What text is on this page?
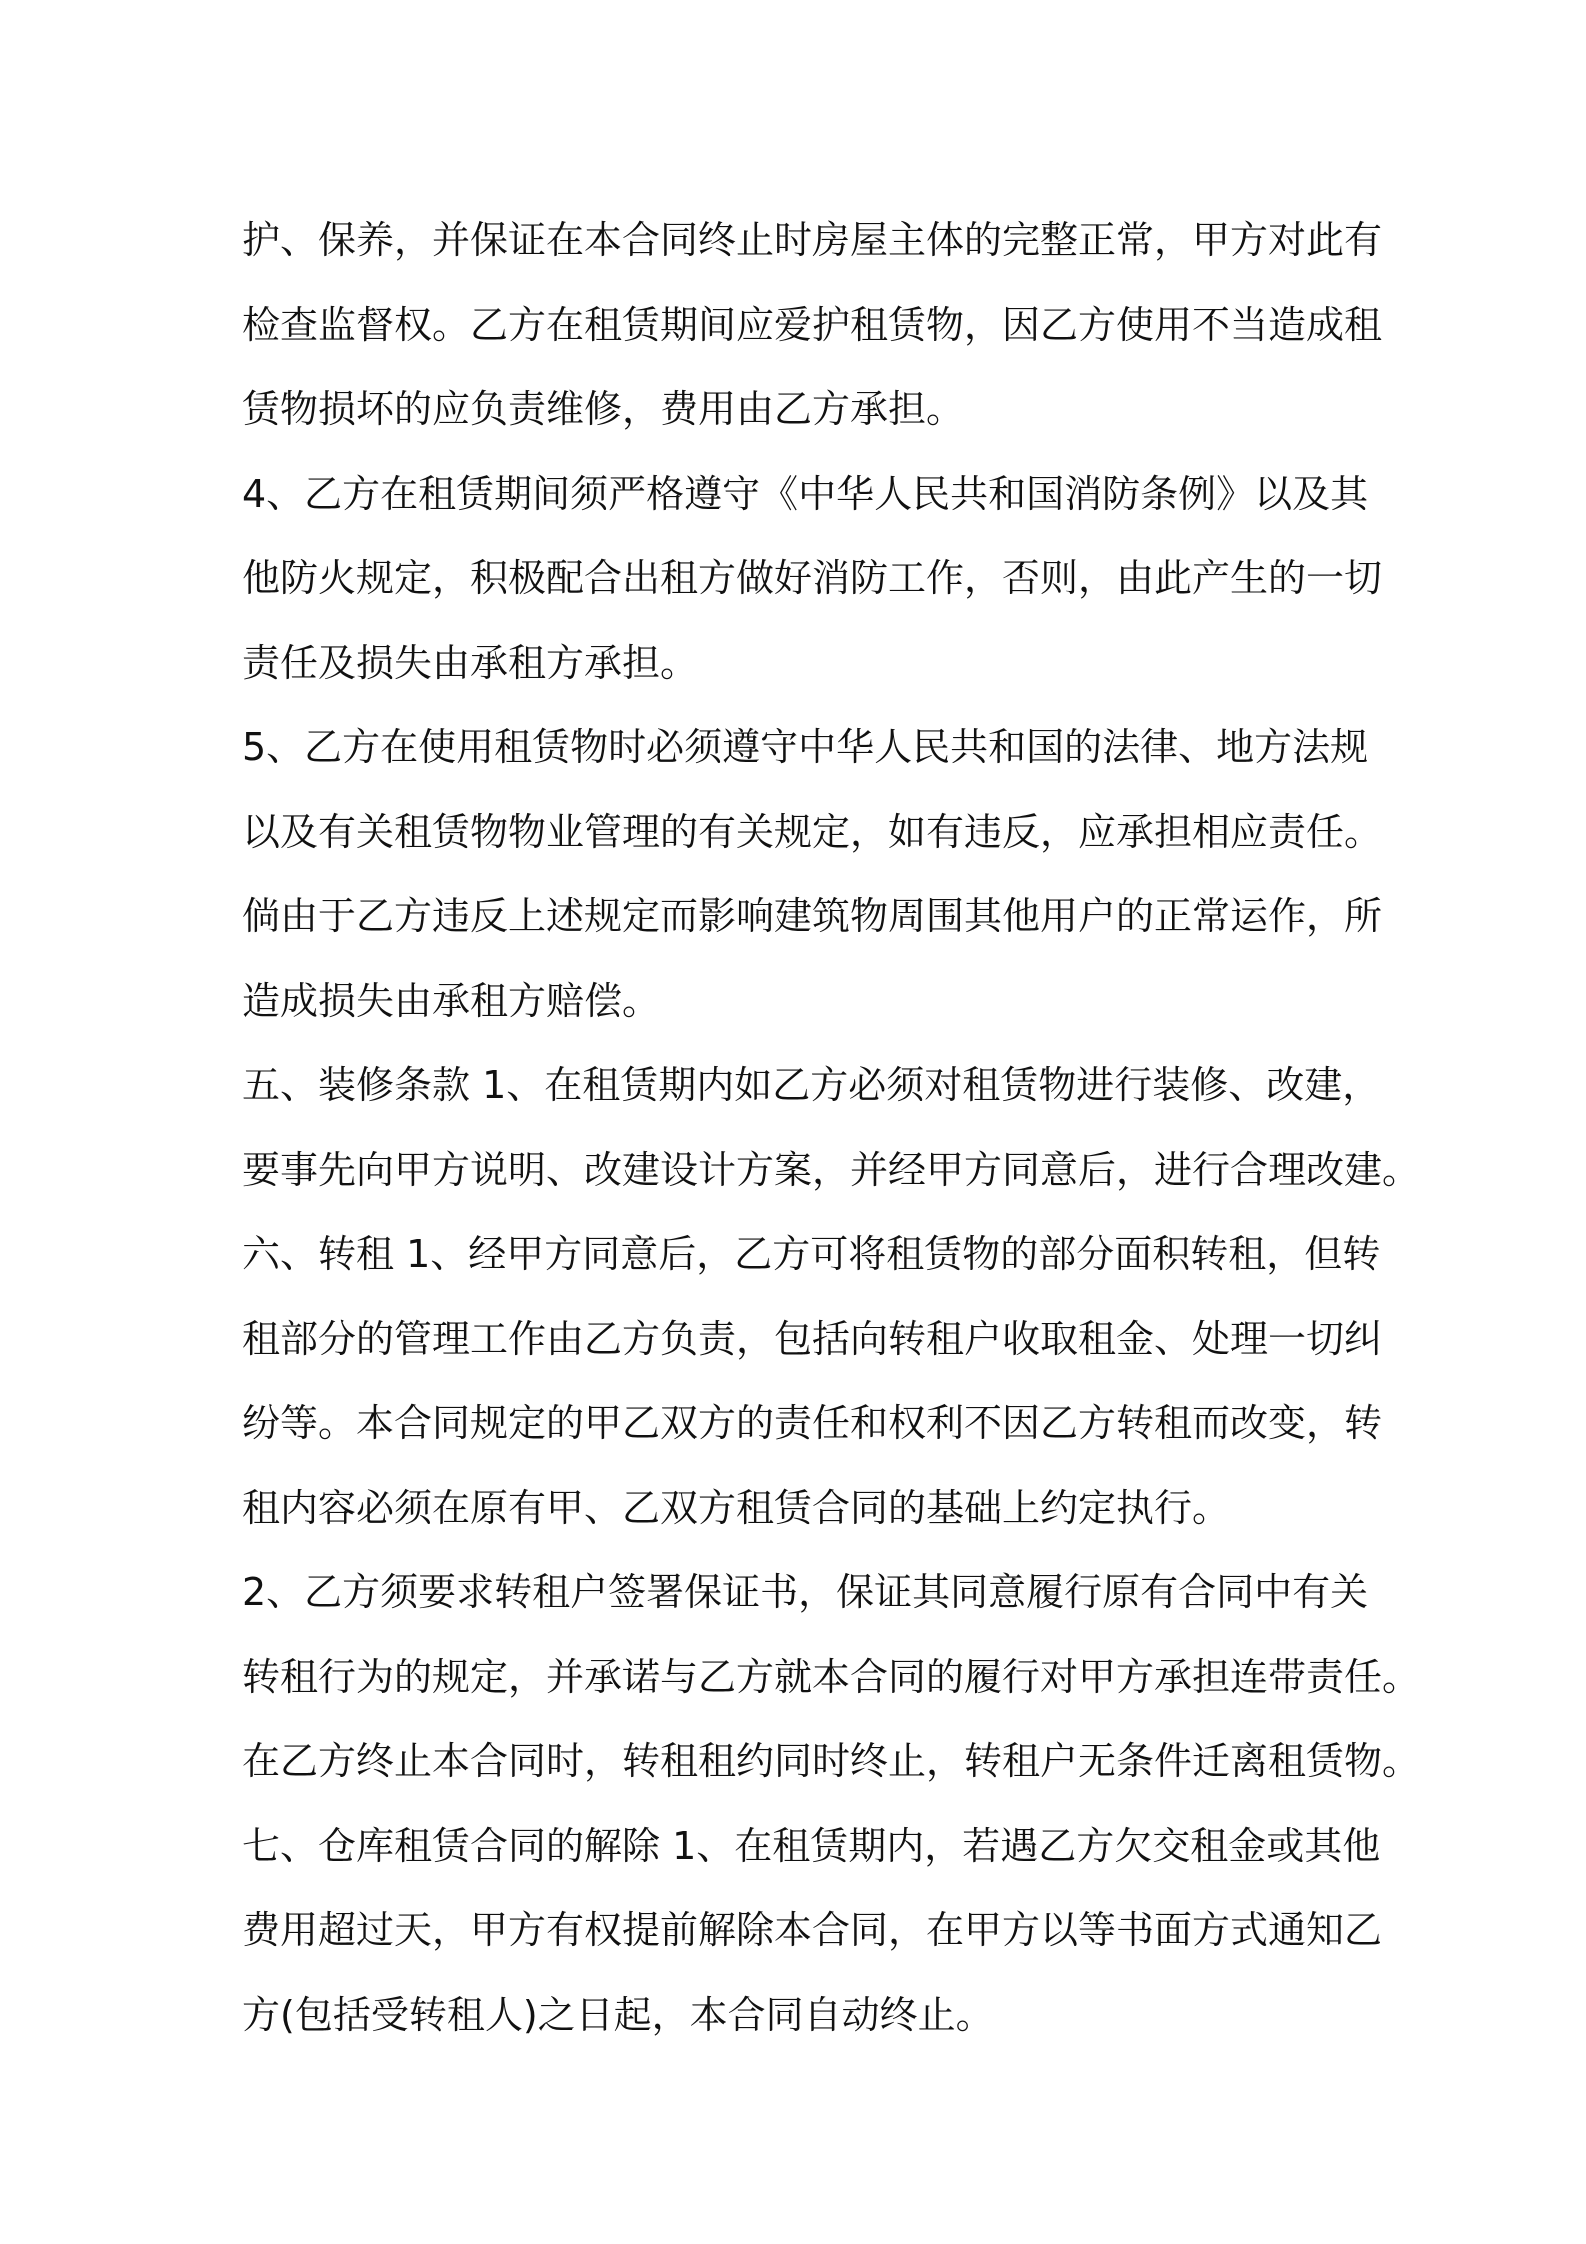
护、保养，并保证在本合同终止时房屋主体的完整正常，甲方对此有
检查监督权。乙方在租赁期间应爱护租赁物，因乙方使用不当造成租
赁物损坏的应负责维修，费用由乙方承担。
4、乙方在租赁期间须严格遵守《中华人民共和国消防条例》以及其
他防火规定，积极配合出租方做好消防工作，否则，由此产生的一切
责任及损失由承租方承担。
5、乙方在使用租赁物时必须遵守中华人民共和国的法律、地方法规
以及有关租赁物物业管理的有关规定，如有违反，应承担相应责任。
倘由于乙方违反上述规定而影响建筑物周围其他用户的正常运作，所
造成损失由承租方赔偿。
五、装修条款 1、在租赁期内如乙方必须对租赁物进行装修、改建，
要事先向甲方说明、改建设计方案，并经甲方同意后，进行合理改建。
六、转租 1、经甲方同意后，乙方可将租赁物的部分面积转租，但转
租部分的管理工作由乙方负责，包括向转租户收取租金、处理一切纠
纷等。本合同规定的甲乙双方的责任和权利不因乙方转租而改变，转
租内容必须在原有甲、乙双方租赁合同的基础上约定执行。
2、乙方须要求转租户签署保证书，保证其同意履行原有合同中有关
转租行为的规定，并承诺与乙方就本合同的履行对甲方承担连带责任。
在乙方终止本合同时，转租租约同时终止，转租户无条件迁离租赁物。
七、仓库租赁合同的解除 1、在租赁期内，若遇乙方欠交租金或其他
费用超过天，甲方有权提前解除本合同，在甲方以等书面方式通知乙
方(包括受转租人)之日起，本合同自动终止。
